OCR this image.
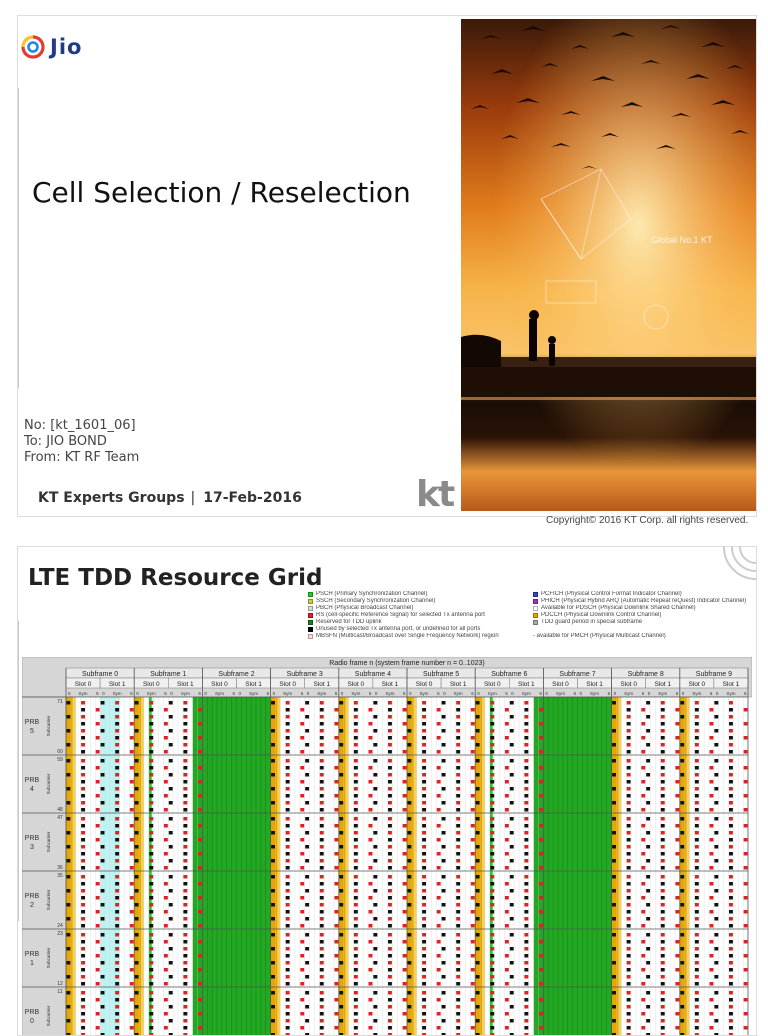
Jio
Cell Selection / Reselection
No: [kt_1601_06]
To: JIO BOND
From: KT RF Team
KT Experts Groups | 17-Feb-2016	kt
Global No.1 KT
Copyright© 2016 KT Corp. all rights reserved.
LTE TDD Resource Grid
PSCH (Primary Synchronization Channel)	PCFICH (Physical Control Format Indicator Channel)
SSCH (Secondary Synchronization Channel)	PHICH (Physical Hybrid ARQ (Automatic Repeat reQuest) Indicator Channel)
PBCH (Physical Broadcast Channel)	Available for PDSCH (Physical Downlink Shared Channel)
RS (cell-specific Reference Signal) for selected Tx antenna port	PDCCH (Physical Downlink Control Channel)
Reserved for TDD uplink	TDD guard period in special subframe
Unused by selected Tx antenna port, or undefined for all ports
MBSFN (Multicast/Broadcast over Single Frequency Network) region	- available for PMCH (Physical Multicast Channel)
Radio frame n (system frame number n = 0..1023)
Subframe 0
Slot 0
0 Sym 6
Slot 1
0 Sym 6
Subframe 1
Slot 0
0 Sym 6
Slot 1
0 Sym 6
Subframe 2
Slot 0
0 Sym 6
Slot 1
0 Sym 6
Subframe 3
Slot 0
0 Sym 6
Slot 1
0 Sym 6
Subframe 4
Slot 0
0 Sym 6
Slot 1
0 Sym 6
Subframe 5
Slot 0
0 Sym 6
Slot 1
0 Sym 6
Subframe 6
Slot 0
0 Sym 6
Slot 1
0 Sym 6
Subframe 7
Slot 0
0 Sym 6
Slot 1
0 Sym 6
Subframe 8
Slot 0
0 Sym 6
Slot 1
0 Sym 6
Subframe 9
Slot 0
0 Sym 6
Slot 1
0 Sym 6
PRB
5	Subcarrier
71
60
PRB
4	Subcarrier
59
48
PRB
3	Subcarrier
47
36
PRB
2	Subcarrier
35
24
PRB
1	Subcarrier
23
12
PRB
0	Subcarrier
11
